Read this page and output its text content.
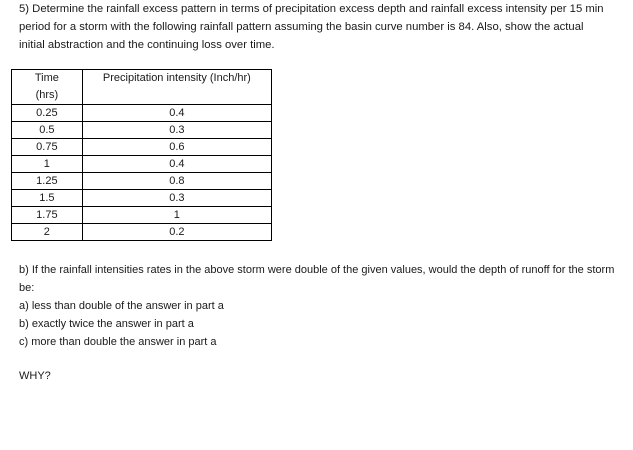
5) Determine the rainfall excess pattern in terms of precipitation excess depth and rainfall excess intensity per 15 min period for a storm with the following rainfall pattern assuming the basin curve number is 84. Also, show the actual initial abstraction and the continuing loss over time.

Time
(hrs)	Precipitation intensity (Inch/hr)
0.25	0.4
0.5	0.3
0.75	0.6
1	0.4
1.25	0.8
1.5	0.3
1.75	1
2	0.2

b) If the rainfall intensities rates in the above storm were double of the given values, would the depth of runoff for the storm be:

a) less than double of the answer in part a

b) exactly twice the answer in part a

c) more than double the answer in part a

WHY?
